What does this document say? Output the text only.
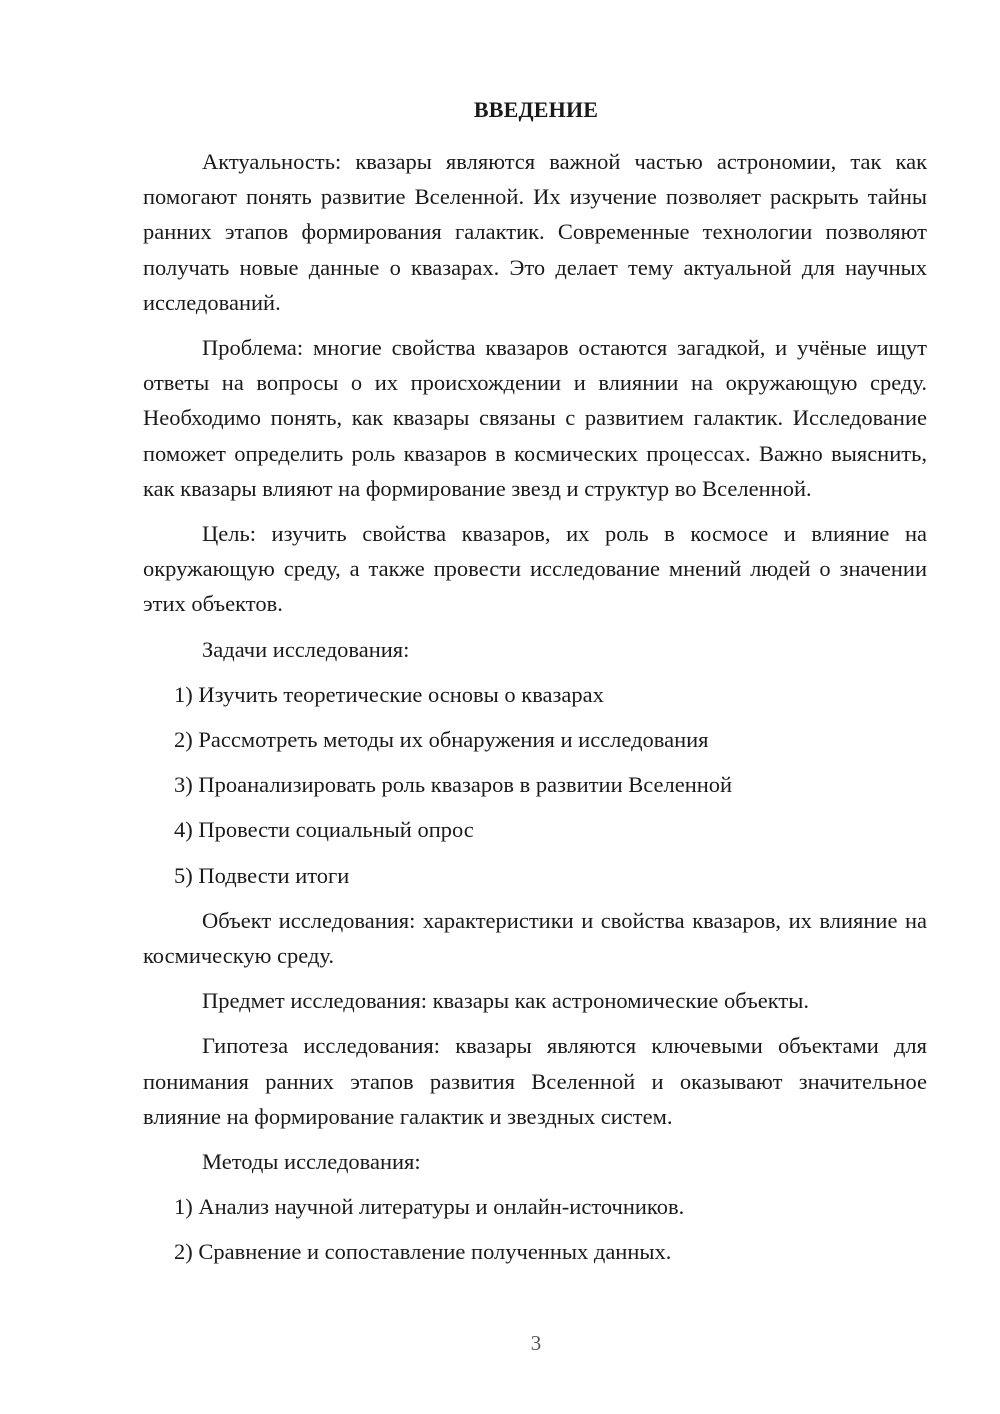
ВВЕДЕНИЕ

Актуальность: квазары являются важной частью астрономии, так как помогают понять развитие Вселенной. Их изучение позволяет раскрыть тайны ранних этапов формирования галактик. Современные технологии позволяют получать новые данные о квазарах. Это делает тему актуальной для научных исследований.

Проблема: многие свойства квазаров остаются загадкой, и учёные ищут ответы на вопросы о их происхождении и влиянии на окружающую среду. Необходимо понять, как квазары связаны с развитием галактик. Исследование поможет определить роль квазаров в космических процессах. Важно выяснить, как квазары влияют на формирование звезд и структур во Вселенной.

Цель: изучить свойства квазаров, их роль в космосе и влияние на окружающую среду, а также провести исследование мнений людей о значении этих объектов.

Задачи исследования:

1) Изучить теоретические основы о квазарах
2) Рассмотреть методы их обнаружения и исследования
3) Проанализировать роль квазаров в развитии Вселенной
4) Провести социальный опрос
5) Подвести итоги

Объект исследования: характеристики и свойства квазаров, их влияние на космическую среду.

Предмет исследования: квазары как астрономические объекты.

Гипотеза исследования: квазары являются ключевыми объектами для понимания ранних этапов развития Вселенной и оказывают значительное влияние на формирование галактик и звездных систем.

Методы исследования:

1) Анализ научной литературы и онлайн-источников.
2) Сравнение и сопоставление полученных данных.
3
